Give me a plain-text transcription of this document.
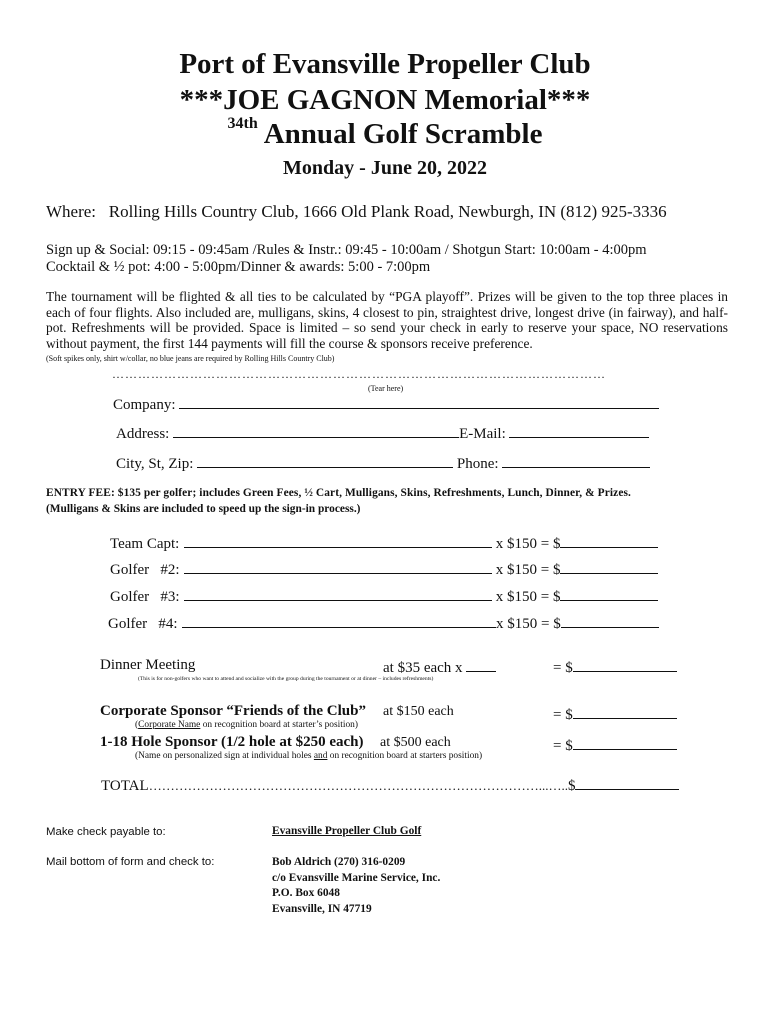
Port of Evansville Propeller Club
***JOE GAGNON Memorial***
$^{34th}$ Annual Golf Scramble
Monday - June 20, 2022
Where: Rolling Hills Country Club, 1666 Old Plank Road, Newburgh, IN (812) 925-3336
Sign up & Social: 09:15 - 09:45am /Rules & Instr.: 09:45 - 10:00am / Shotgun Start: 10:00am - 4:00pm
Cocktail & ½ pot: 4:00 - 5:00pm/Dinner & awards: 5:00 - 7:00pm
The tournament will be flighted & all ties to be calculated by “PGA playoff”. Prizes will be given to the top three places in each of four flights. Also included are, mulligans, skins, 4 closest to pin, straightest drive, longest drive (in fairway), and half-pot. Refreshments will be provided. Space is limited – so send your check in early to reserve your space, NO reservations without payment, the first 144 payments will fill the course & sponsors receive preference.
(Soft spikes only, shirt w/collar, no blue jeans are required by Rolling Hills Country Club)
……………………………………………………………………………………………………
(Tear here)
Company:
Address:	E-Mail:
City, St, Zip:	Phone:
ENTRY FEE: $135 per golfer; includes Green Fees, ½ Cart, Mulligans, Skins, Refreshments, Lunch, Dinner, & Prizes.
(Mulligans & Skins are included to speed up the sign-in process.)
Team Capt:	x $150 = $
Golfer   #2:	x $150 = $
Golfer   #3:	x $150 = $
Golfer   #4:	x $150 = $
Dinner Meeting	at $35 each x	= $
(This is for non-golfers who want to attend and socialize with the group during the tournament or at dinner – includes refreshments)
Corporate Sponsor “Friends of the Club” at $150 each	= $
(Corporate Name on recognition board at starter’s position)
1-18 Hole Sponsor (1/2 hole at $250 each) at $500 each	= $
(Name on personalized sign at individual holes and on recognition board at starters position)
TOTAL………………………………………………………………………………...…..$
Make check payable to:	Evansville Propeller Club Golf
Mail bottom of form and check to:	Bob Aldrich (270) 316-0209
c/o Evansville Marine Service, Inc.
P.O. Box 6048
Evansville, IN 47719
